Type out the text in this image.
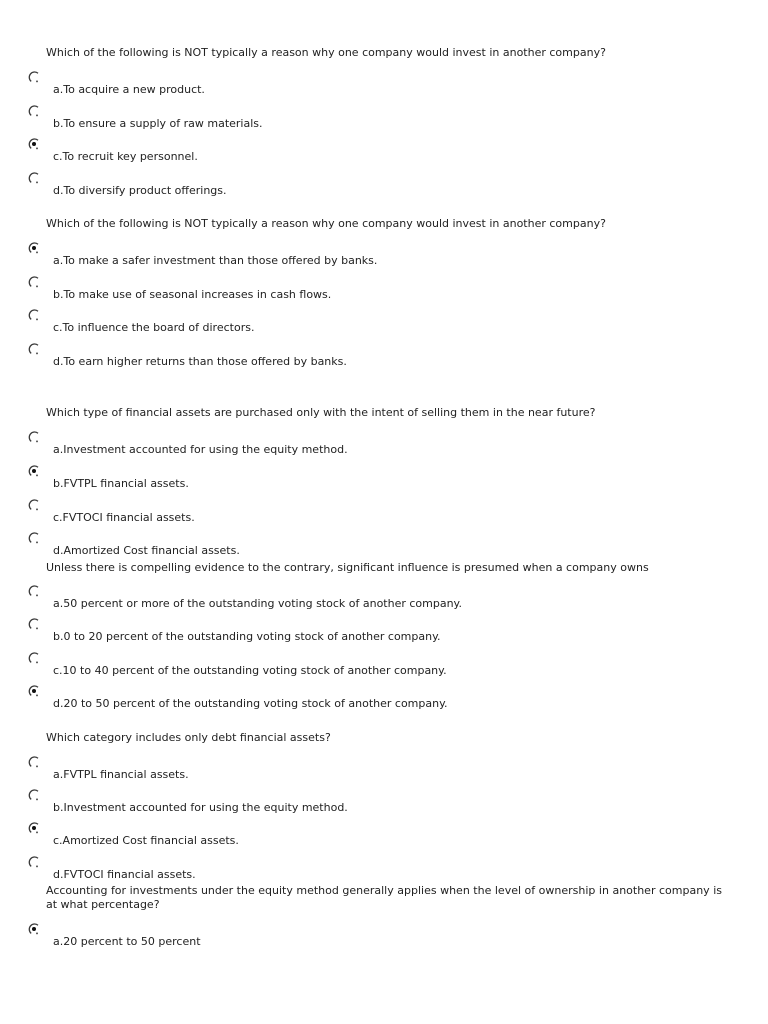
Which of the following is NOT typically a reason why one company would invest in another company?

a.To acquire a new product.
b.To ensure a supply of raw materials.
c.To recruit key personnel.
d.To diversify product offerings.

Which of the following is NOT typically a reason why one company would invest in another company?

a.To make a safer investment than those offered by banks.
b.To make use of seasonal increases in cash flows.
c.To influence the board of directors.
d.To earn higher returns than those offered by banks.

Which type of financial assets are purchased only with the intent of selling them in the near future?

a.Investment accounted for using the equity method.
b.FVTPL financial assets.
c.FVTOCI financial assets.
d.Amortized Cost financial assets.

Unless there is compelling evidence to the contrary, significant influence is presumed when a company owns

a.50 percent or more of the outstanding voting stock of another company.
b.0 to 20 percent of the outstanding voting stock of another company.
c.10 to 40 percent of the outstanding voting stock of another company.
d.20 to 50 percent of the outstanding voting stock of another company.

Which category includes only debt financial assets?

a.FVTPL financial assets.
b.Investment accounted for using the equity method.
c.Amortized Cost financial assets.
d.FVTOCI financial assets.

Accounting for investments under the equity method generally applies when the level of ownership in another company is at what percentage?

a.20 percent to 50 percent
